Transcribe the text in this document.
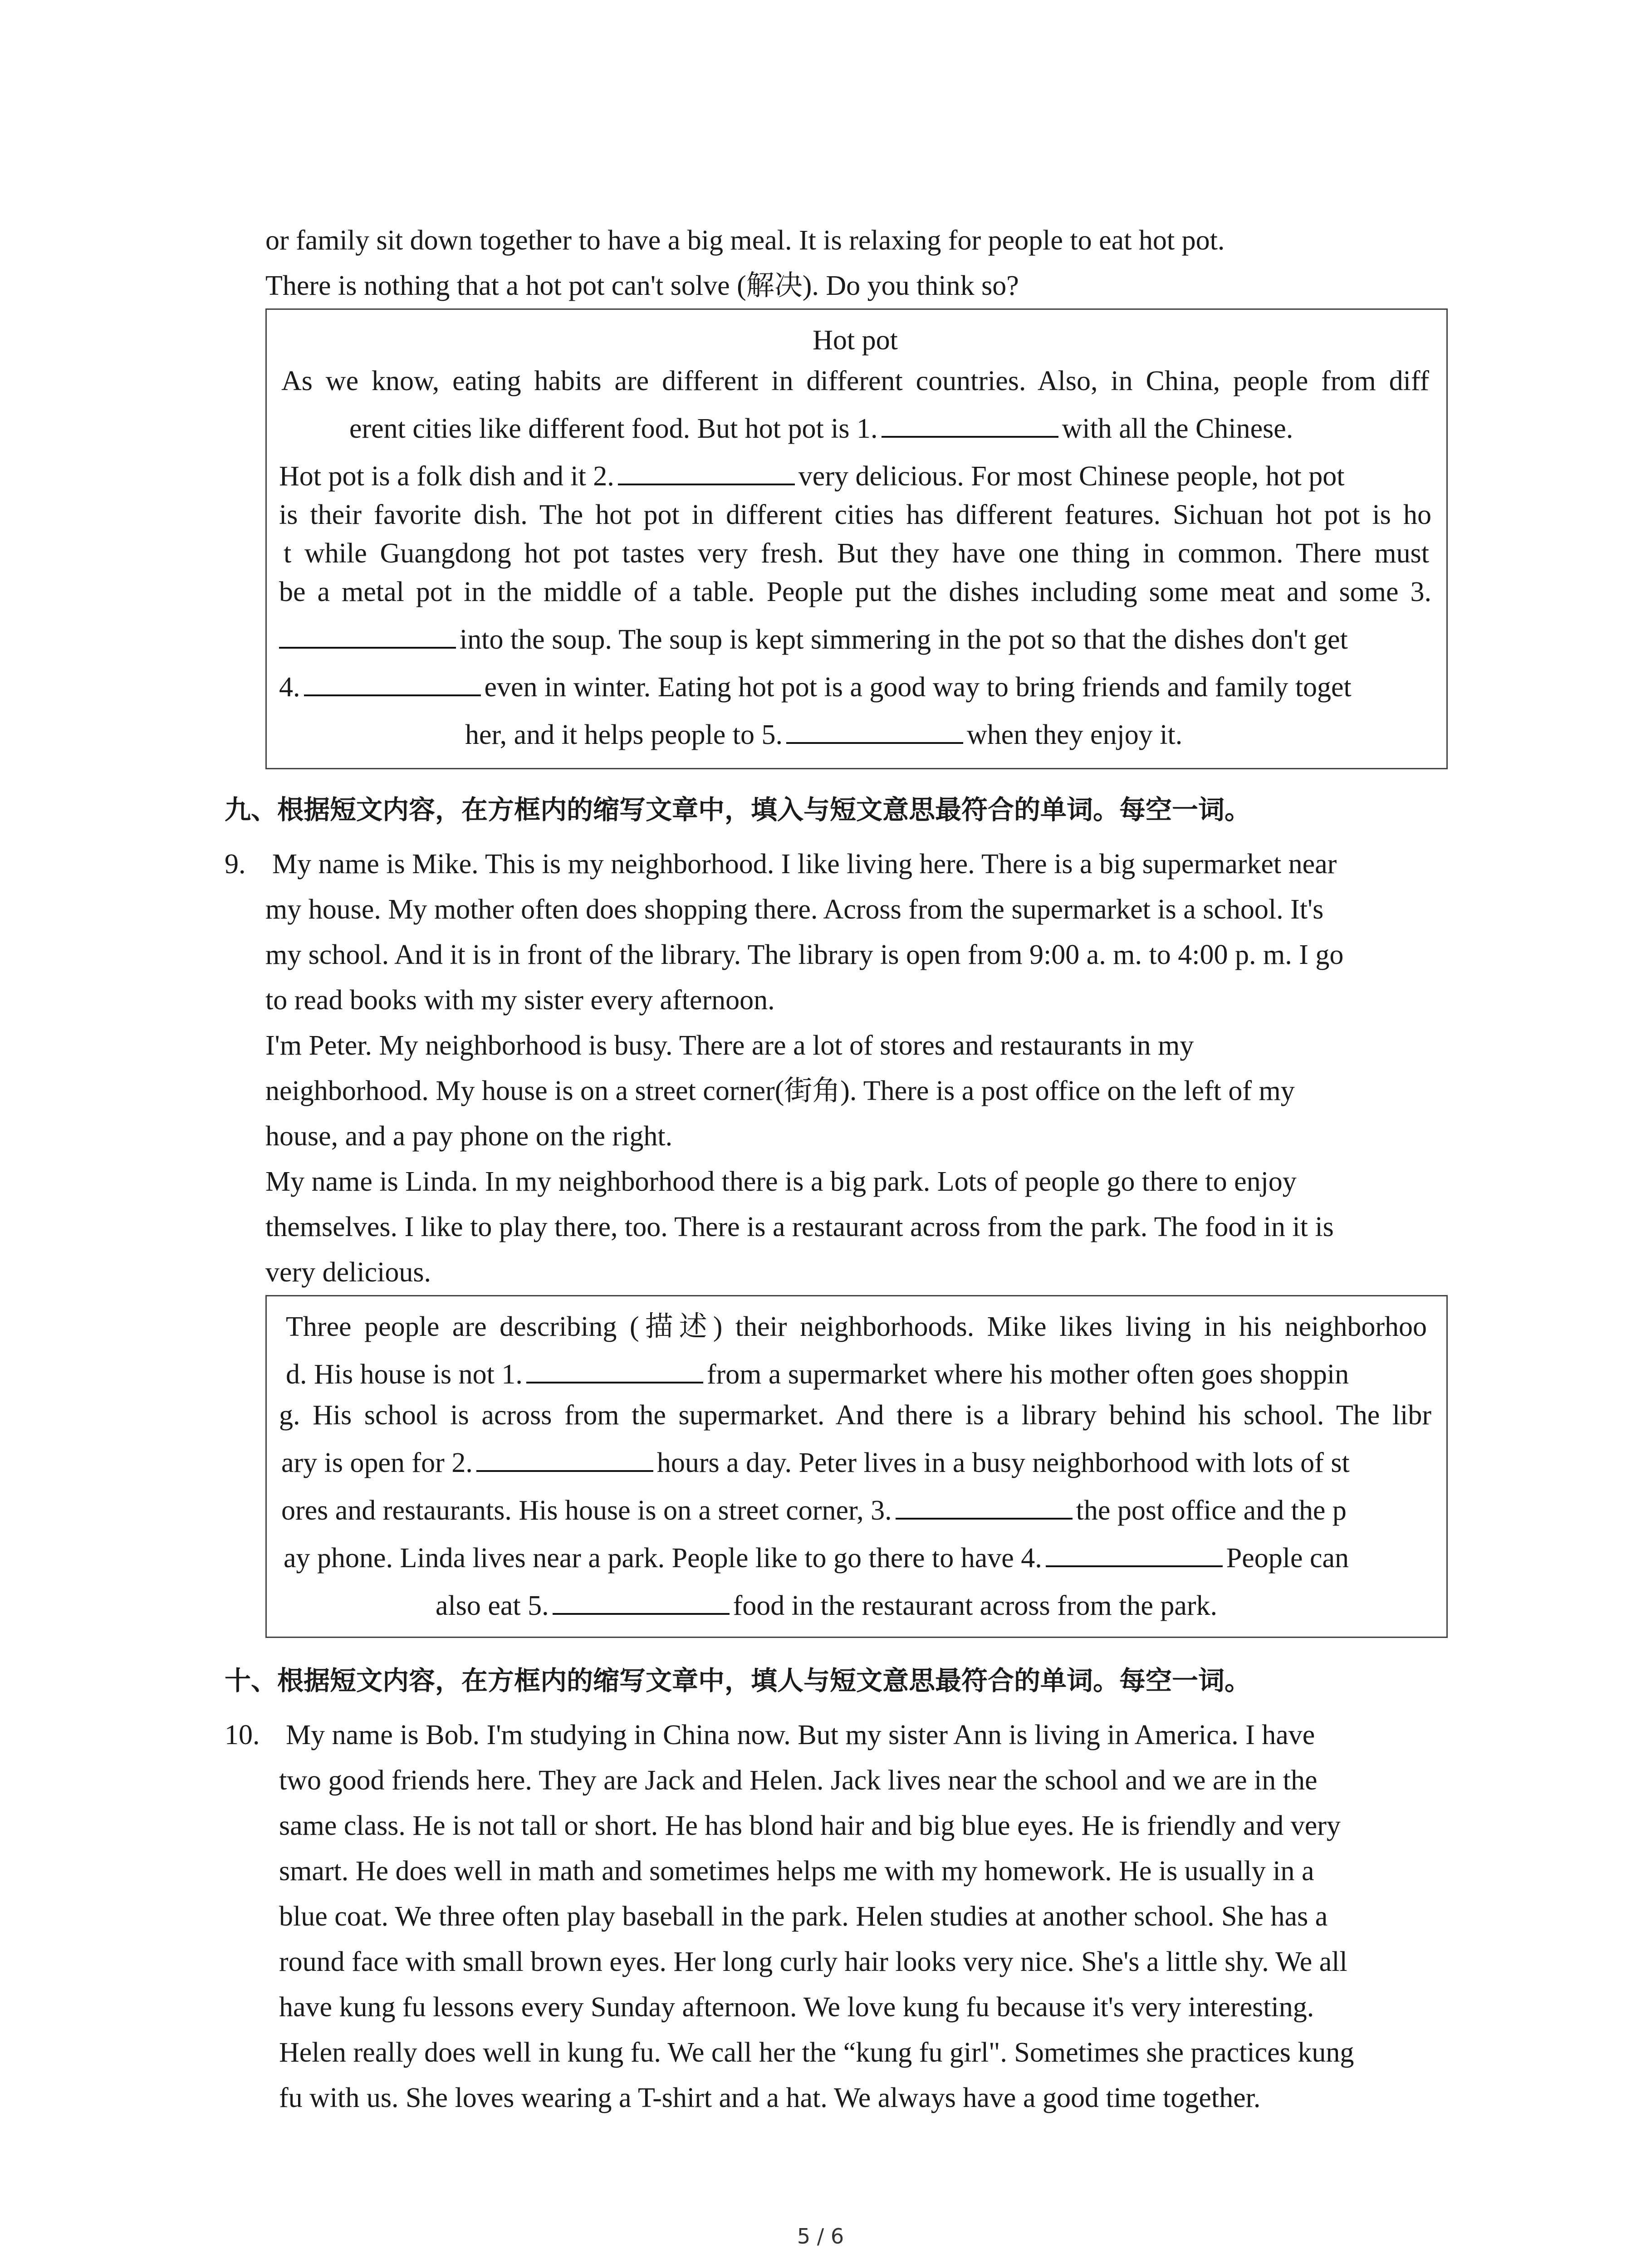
or family sit down together to have a big meal. It is relaxing for people to eat hot pot.
There is nothing that a hot pot can't solve (解决). Do you think so?
Hot pot
As we know, eating habits are different in different countries. Also, in China, people from diff
erent cities like different food. But hot pot is 1.	with all the Chinese.
Hot pot is a folk dish and it 2.	very delicious. For most Chinese people, hot pot
is their favorite dish. The hot pot in different cities has different features. Sichuan hot pot is ho
t while Guangdong hot pot tastes very fresh. But they have one thing in common. There must
be a metal pot in the middle of a table. People put the dishes including some meat and some 3.
into the soup. The soup is kept simmering in the pot so that the dishes don't get
4.	even in winter. Eating hot pot is a good way to bring friends and family toget
her, and it helps people to 5.	when they enjoy it.
九、根据短文内容，在方框内的缩写文章中，填入与短文意思最符合的单词。每空一词。
9. My name is Mike. This is my neighborhood. I like living here. There is a big supermarket near
my house. My mother often does shopping there. Across from the supermarket is a school. It's
my school. And it is in front of the library. The library is open from 9:00 a. m. to 4:00 p. m. I go
to read books with my sister every afternoon.
I'm Peter. My neighborhood is busy. There are a lot of stores and restaurants in my
neighborhood. My house is on a street corner(街角). There is a post office on the left of my
house, and a pay phone on the right.
My name is Linda. In my neighborhood there is a big park. Lots of people go there to enjoy
themselves. I like to play there, too. There is a restaurant across from the park. The food in it is
very delicious.
Three people are describing (描述) their neighborhoods. Mike likes living in his neighborhoo
d. His house is not 1.	from a supermarket where his mother often goes shoppin
g. His school is across from the supermarket. And there is a library behind his school. The libr
ary is open for 2.	hours a day. Peter lives in a busy neighborhood with lots of st
ores and restaurants. His house is on a street corner, 3.	the post office and the p
ay phone. Linda lives near a park. People like to go there to have 4.	People can
also eat 5.	food in the restaurant across from the park.
十、根据短文内容，在方框内的缩写文章中，填人与短文意思最符合的单词。每空一词。
10. My name is Bob. I'm studying in China now. But my sister Ann is living in America. I have
two good friends here. They are Jack and Helen. Jack lives near the school and we are in the
same class. He is not tall or short. He has blond hair and big blue eyes. He is friendly and very
smart. He does well in math and sometimes helps me with my homework. He is usually in a
blue coat. We three often play baseball in the park. Helen studies at another school. She has a
round face with small brown eyes. Her long curly hair looks very nice. She's a little shy. We all
have kung fu lessons every Sunday afternoon. We love kung fu because it's very interesting.
Helen really does well in kung fu. We call her the “kung fu girl". Sometimes she practices kung
fu with us. She loves wearing a T-shirt and a hat. We always have a good time together.
5 / 6
